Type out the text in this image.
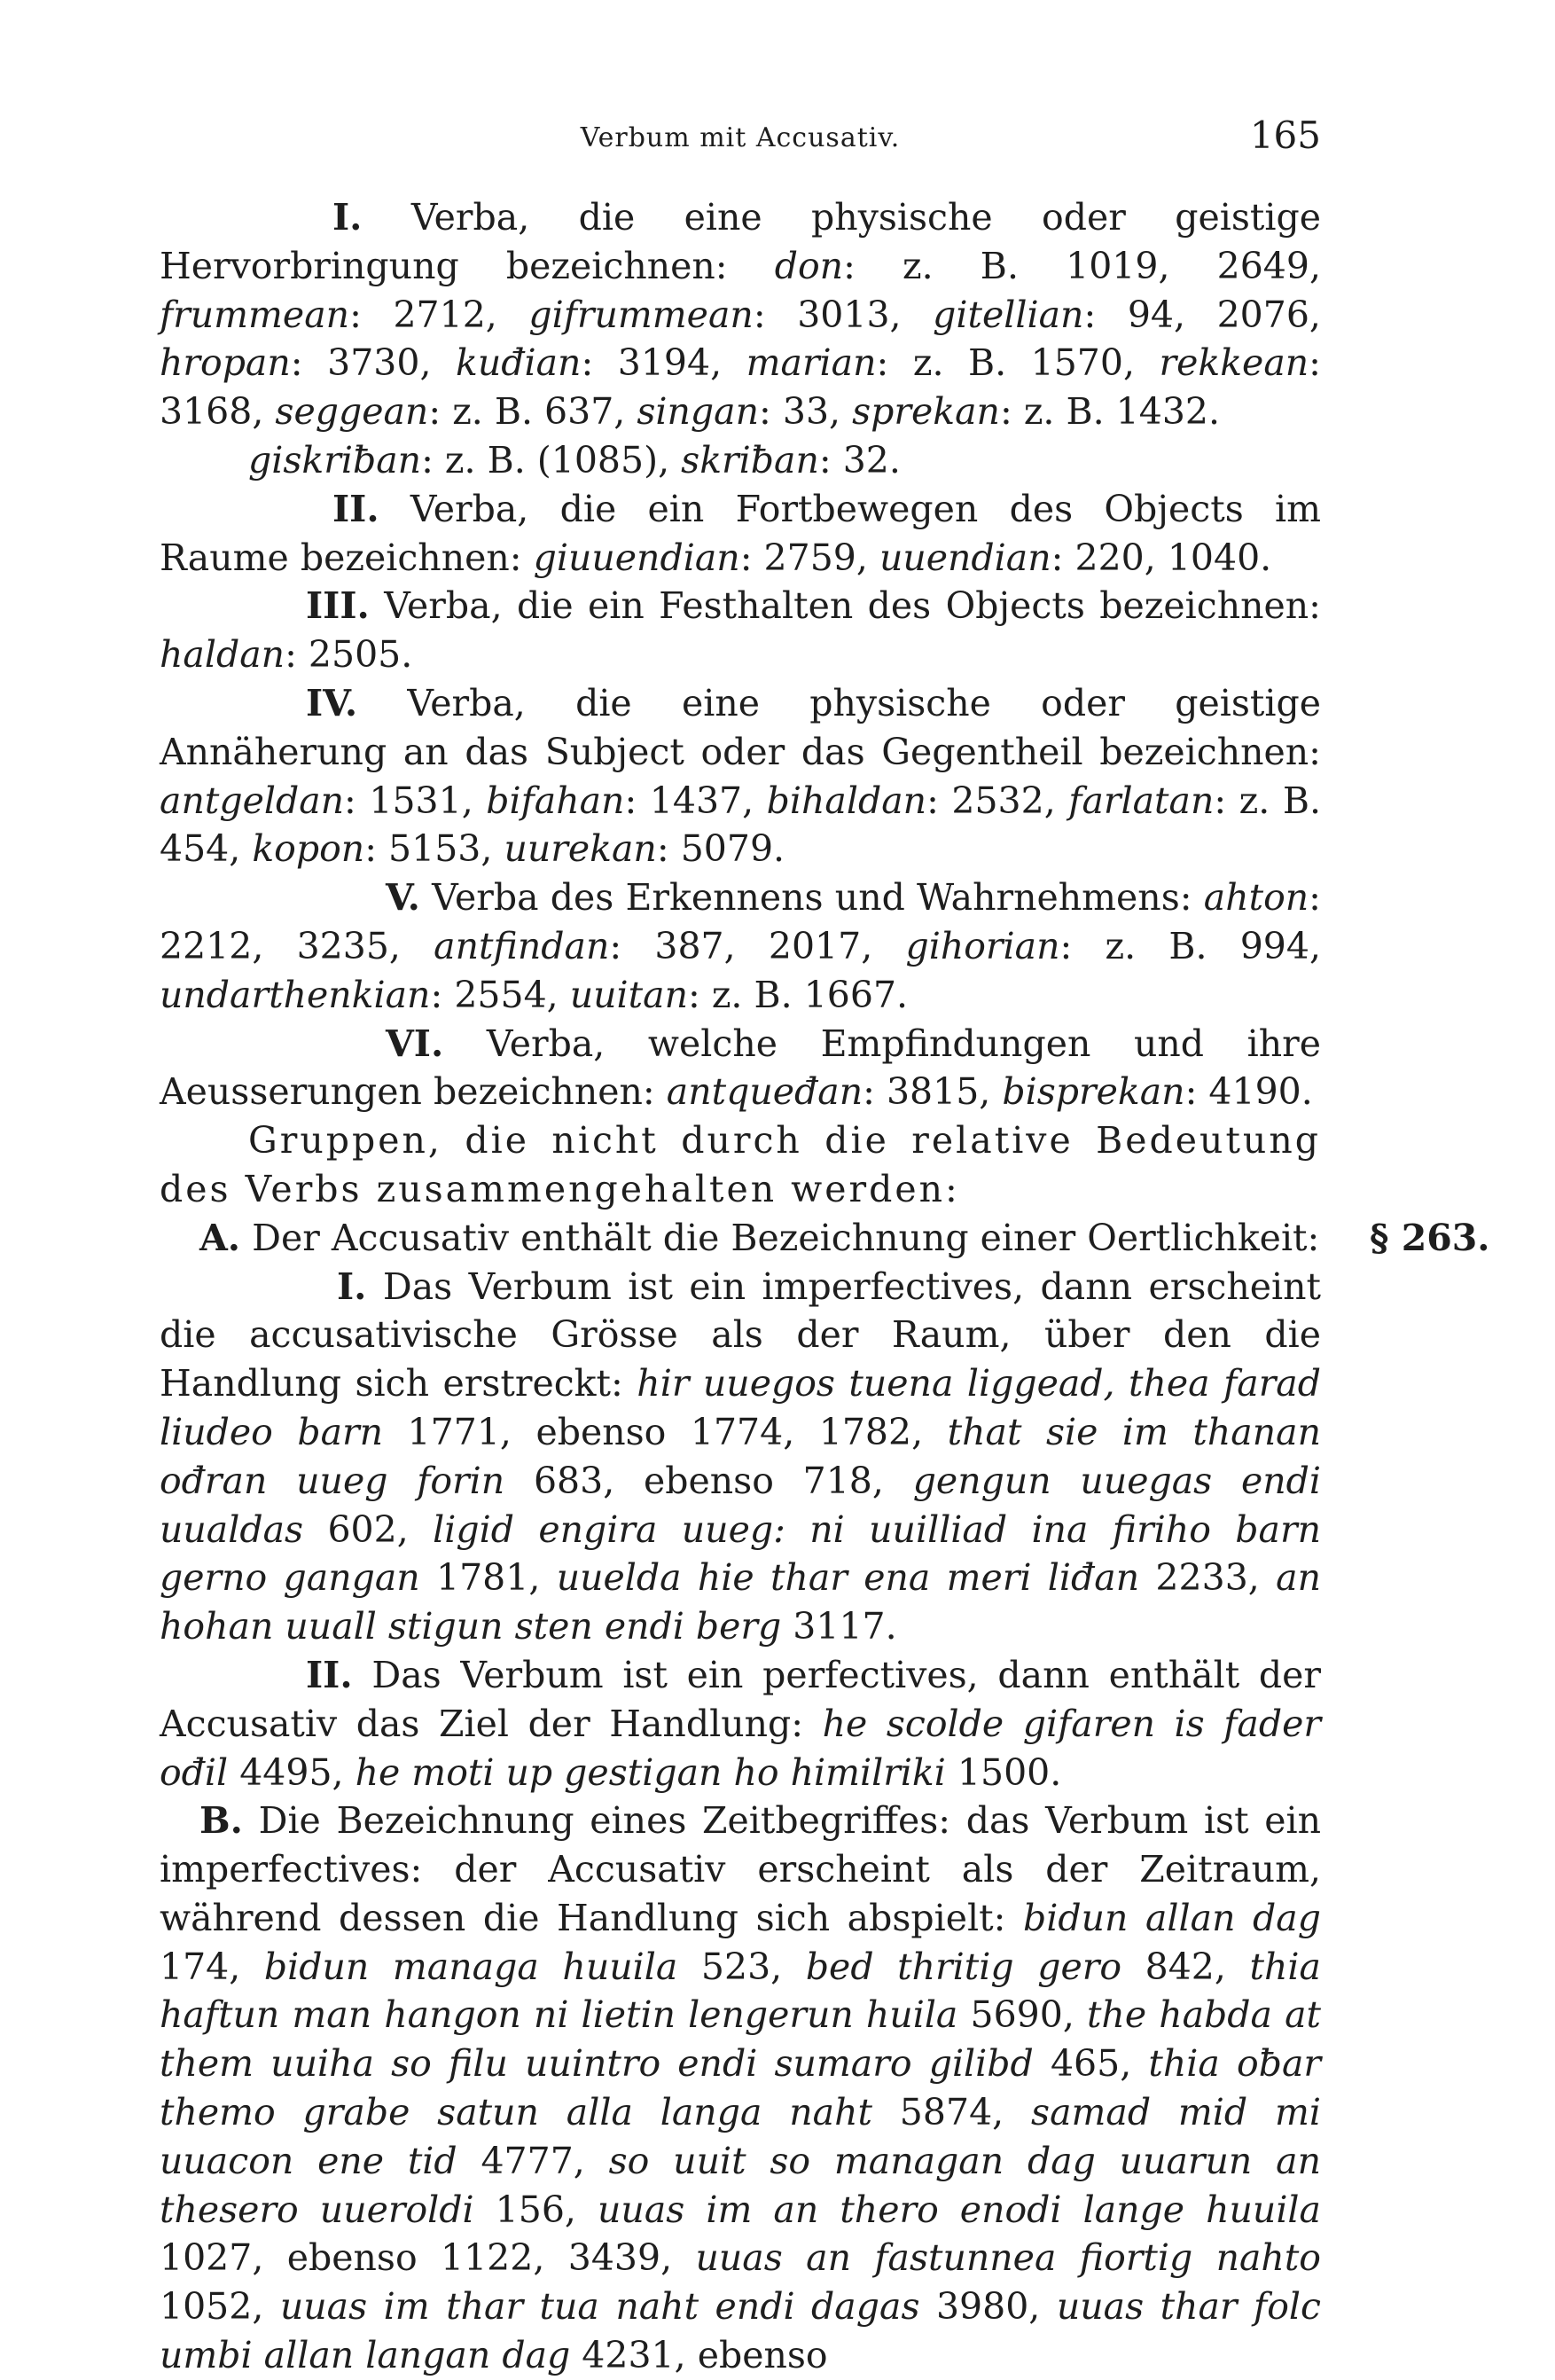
Verbum mit Accusativ.	165

I. Verba, die eine physische oder geistige Hervorbringung bezeichnen: don: z. B. 1019, 2649, frummean: 2712, gifrummean: 3013, gitellian: 94, 2076, hropan: 3730, kuđian: 3194, marian: z. B. 1570, rekkean: 3168, seggean: z. B. 637, singan: 33, sprekan: z. B. 1432.

giskriƀan: z. B. (1085), skriƀan: 32.

II. Verba, die ein Fortbewegen des Objects im Raume bezeichnen: giuuendian: 2759, uuendian: 220, 1040.

III. Verba, die ein Festhalten des Objects bezeichnen: haldan: 2505.

IV. Verba, die eine physische oder geistige Annäherung an das Subject oder das Gegentheil bezeichnen: antgeldan: 1531, bifahan: 1437, bihaldan: 2532, farlatan: z. B. 454, kopon: 5153, uurekan: 5079.

V. Verba des Erkennens und Wahrnehmens: ahton: 2212, 3235, antfindan: 387, 2017, gihorian: z. B. 994, undarthenkian: 2554, uuitan: z. B. 1667.

VI. Verba, welche Empfindungen und ihre Aeusserungen bezeichnen: antqueđan: 3815, bisprekan: 4190.

Gruppen, die nicht durch die relative Bedeutung des Verbs zusammengehalten werden:

A. Der Accusativ enthält die Bezeichnung einer Oertlichkeit:	§ 263.

I. Das Verbum ist ein imperfectives, dann erscheint die accusativische Grösse als der Raum, über den die Handlung sich erstreckt: hir uuegos tuena liggead, thea farad liudeo barn 1771, ebenso 1774, 1782, that sie im thanan ođran uueg forin 683, ebenso 718, gengun uuegas endi uualdas 602, ligid engira uueg: ni uuilliad ina firiho barn gerno gangan 1781, uuelda hie thar ena meri liđan 2233, an hohan uuall stigun sten endi berg 3117.

II. Das Verbum ist ein perfectives, dann enthält der Accusativ das Ziel der Handlung: he scolde gifaren is fader ođil 4495, he moti up gestigan ho himilriki 1500.

B. Die Bezeichnung eines Zeitbegriffes: das Verbum ist ein imperfectives: der Accusativ erscheint als der Zeitraum, während dessen die Handlung sich abspielt: bidun allan dag 174, bidun managa huuila 523, bed thritig gero 842, thia haftun man hangon ni lietin lengerun huila 5690, the habda at them uuiha so filu uuintro endi sumaro gilibd 465, thia oƀar themo grabe satun alla langa naht 5874, samad mid mi uuacon ene tid 4777, so uuit so managan dag uuarun an thesero uueroldi 156, uuas im an thero enodi lange huuila 1027, ebenso 1122, 3439, uuas an fastunnea fiortig nahto 1052, uuas im thar tua naht endi dagas 3980, uuas thar folc umbi allan langan dag 4231, ebenso
